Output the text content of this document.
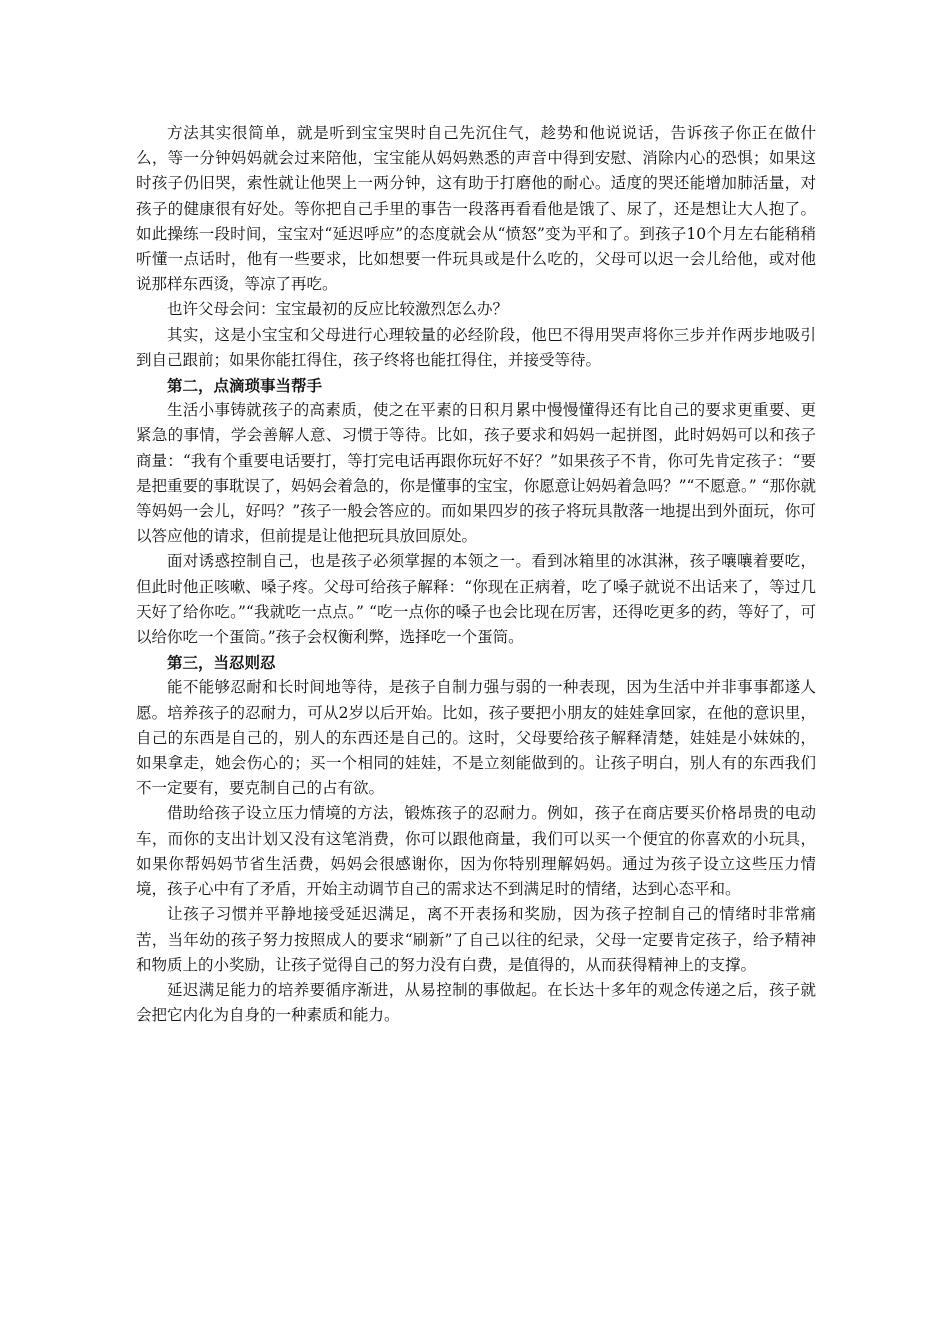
方法其实很简单，就是听到宝宝哭时自己先沉住气，趁势和他说说话，告诉孩子你正在做什么，等一分钟妈妈就会过来陪他，宝宝能从妈妈熟悉的声音中得到安慰、消除内心的恐惧；如果这时孩子仍旧哭，索性就让他哭上一两分钟，这有助于打磨他的耐心。适度的哭还能增加肺活量，对孩子的健康很有好处。等你把自己手里的事告一段落再看看他是饿了、尿了，还是想让大人抱了。如此操练一段时间，宝宝对“延迟呼应”的态度就会从“愤怒”变为平和了。到孩子10个月左右能稍稍听懂一点话时，他有一些要求，比如想要一件玩具或是什么吃的，父母可以迟一会儿给他，或对他说那样东西烫，等凉了再吃。

也许父母会问：宝宝最初的反应比较激烈怎么办？

其实，这是小宝宝和父母进行心理较量的必经阶段，他巴不得用哭声将你三步并作两步地吸引到自己跟前；如果你能扛得住，孩子终将也能扛得住，并接受等待。

第二，点滴琐事当帮手

生活小事铸就孩子的高素质，使之在平素的日积月累中慢慢懂得还有比自己的要求更重要、更紧急的事情，学会善解人意、习惯于等待。比如，孩子要求和妈妈一起拼图，此时妈妈可以和孩子商量：“我有个重要电话要打，等打完电话再跟你玩好不好？”如果孩子不肯，你可先肯定孩子：“要是把重要的事耽误了，妈妈会着急的，你是懂事的宝宝，你愿意让妈妈着急吗？”“不愿意。” “那你就等妈妈一会儿，好吗？”孩子一般会答应的。而如果四岁的孩子将玩具散落一地提出到外面玩，你可以答应他的请求，但前提是让他把玩具放回原处。

面对诱惑控制自己，也是孩子必须掌握的本领之一。看到冰箱里的冰淇淋，孩子嚷嚷着要吃，但此时他正咳嗽、嗓子疼。父母可给孩子解释：“你现在正病着，吃了嗓子就说不出话来了，等过几天好了给你吃。”“我就吃一点点。” “吃一点你的嗓子也会比现在厉害，还得吃更多的药，等好了，可以给你吃一个蛋筒。”孩子会权衡利弊，选择吃一个蛋筒。

第三，当忍则忍

能不能够忍耐和长时间地等待，是孩子自制力强与弱的一种表现，因为生活中并非事事都遂人愿。培养孩子的忍耐力，可从2岁以后开始。比如，孩子要把小朋友的娃娃拿回家，在他的意识里，自己的东西是自己的，别人的东西还是自己的。这时，父母要给孩子解释清楚，娃娃是小妹妹的，如果拿走，她会伤心的；买一个相同的娃娃，不是立刻能做到的。让孩子明白，别人有的东西我们不一定要有，要克制自己的占有欲。

借助给孩子设立压力情境的方法，锻炼孩子的忍耐力。例如，孩子在商店要买价格昂贵的电动车，而你的支出计划又没有这笔消费，你可以跟他商量，我们可以买一个便宜的你喜欢的小玩具，如果你帮妈妈节省生活费，妈妈会很感谢你，因为你特别理解妈妈。通过为孩子设立这些压力情境，孩子心中有了矛盾，开始主动调节自己的需求达不到满足时的情绪，达到心态平和。

让孩子习惯并平静地接受延迟满足，离不开表扬和奖励，因为孩子控制自己的情绪时非常痛苦，当年幼的孩子努力按照成人的要求“刷新”了自己以往的纪录，父母一定要肯定孩子，给予精神和物质上的小奖励，让孩子觉得自己的努力没有白费，是值得的，从而获得精神上的支撑。

延迟满足能力的培养要循序渐进，从易控制的事做起。在长达十多年的观念传递之后，孩子就会把它内化为自身的一种素质和能力。
